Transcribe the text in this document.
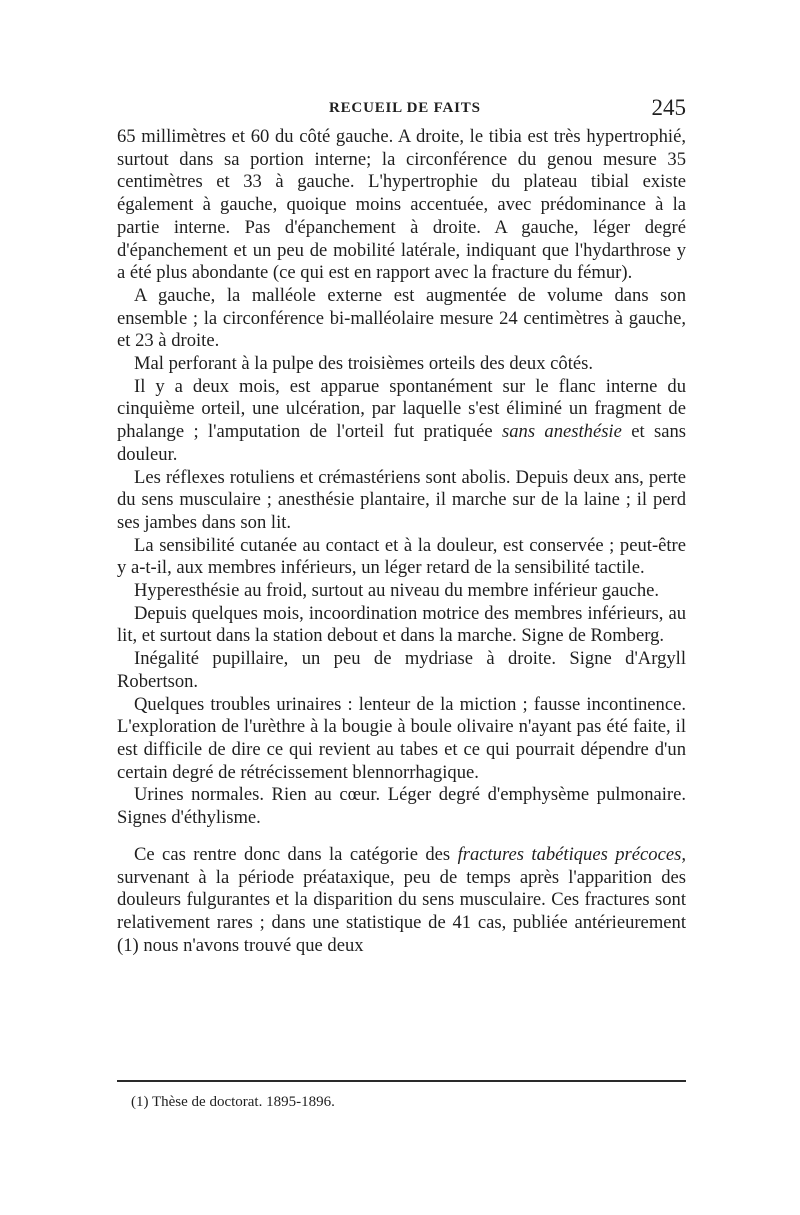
RECUEIL DE FAITS	245

65 millimètres et 60 du côté gauche. A droite, le tibia est très hypertrophié, surtout dans sa portion interne; la circonférence du genou mesure 35 centimètres et 33 à gauche. L'hypertrophie du plateau tibial existe également à gauche, quoique moins accentuée, avec prédominance à la partie interne. Pas d'épanchement à droite. A gauche, léger degré d'épanchement et un peu de mobilité latérale, indiquant que l'hydarthrose y a été plus abondante (ce qui est en rapport avec la fracture du fémur).

A gauche, la malléole externe est augmentée de volume dans son ensemble ; la circonférence bi-malléolaire mesure 24 centimètres à gauche, et 23 à droite.

Mal perforant à la pulpe des troisièmes orteils des deux côtés.

Il y a deux mois, est apparue spontanément sur le flanc interne du cinquième orteil, une ulcération, par laquelle s'est éliminé un fragment de phalange ; l'amputation de l'orteil fut pratiquée sans anesthésie et sans douleur.

Les réflexes rotuliens et crémastériens sont abolis. Depuis deux ans, perte du sens musculaire ; anesthésie plantaire, il marche sur de la laine ; il perd ses jambes dans son lit.

La sensibilité cutanée au contact et à la douleur, est conservée ; peut-être y a-t-il, aux membres inférieurs, un léger retard de la sensibilité tactile.

Hyperesthésie au froid, surtout au niveau du membre inférieur gauche.

Depuis quelques mois, incoordination motrice des membres inférieurs, au lit, et surtout dans la station debout et dans la marche. Signe de Romberg.

Inégalité pupillaire, un peu de mydriase à droite. Signe d'Argyll Robertson.

Quelques troubles urinaires : lenteur de la miction ; fausse incontinence. L'exploration de l'urèthre à la bougie à boule olivaire n'ayant pas été faite, il est difficile de dire ce qui revient au tabes et ce qui pourrait dépendre d'un certain degré de rétrécissement blennorrhagique.

Urines normales. Rien au cœur. Léger degré d'emphysème pulmonaire. Signes d'éthylisme.

Ce cas rentre donc dans la catégorie des fractures tabétiques précoces, survenant à la période préataxique, peu de temps après l'apparition des douleurs fulgurantes et la disparition du sens musculaire. Ces fractures sont relativement rares ; dans une statistique de 41 cas, publiée antérieurement (1) nous n'avons trouvé que deux

(1) Thèse de doctorat. 1895-1896.
